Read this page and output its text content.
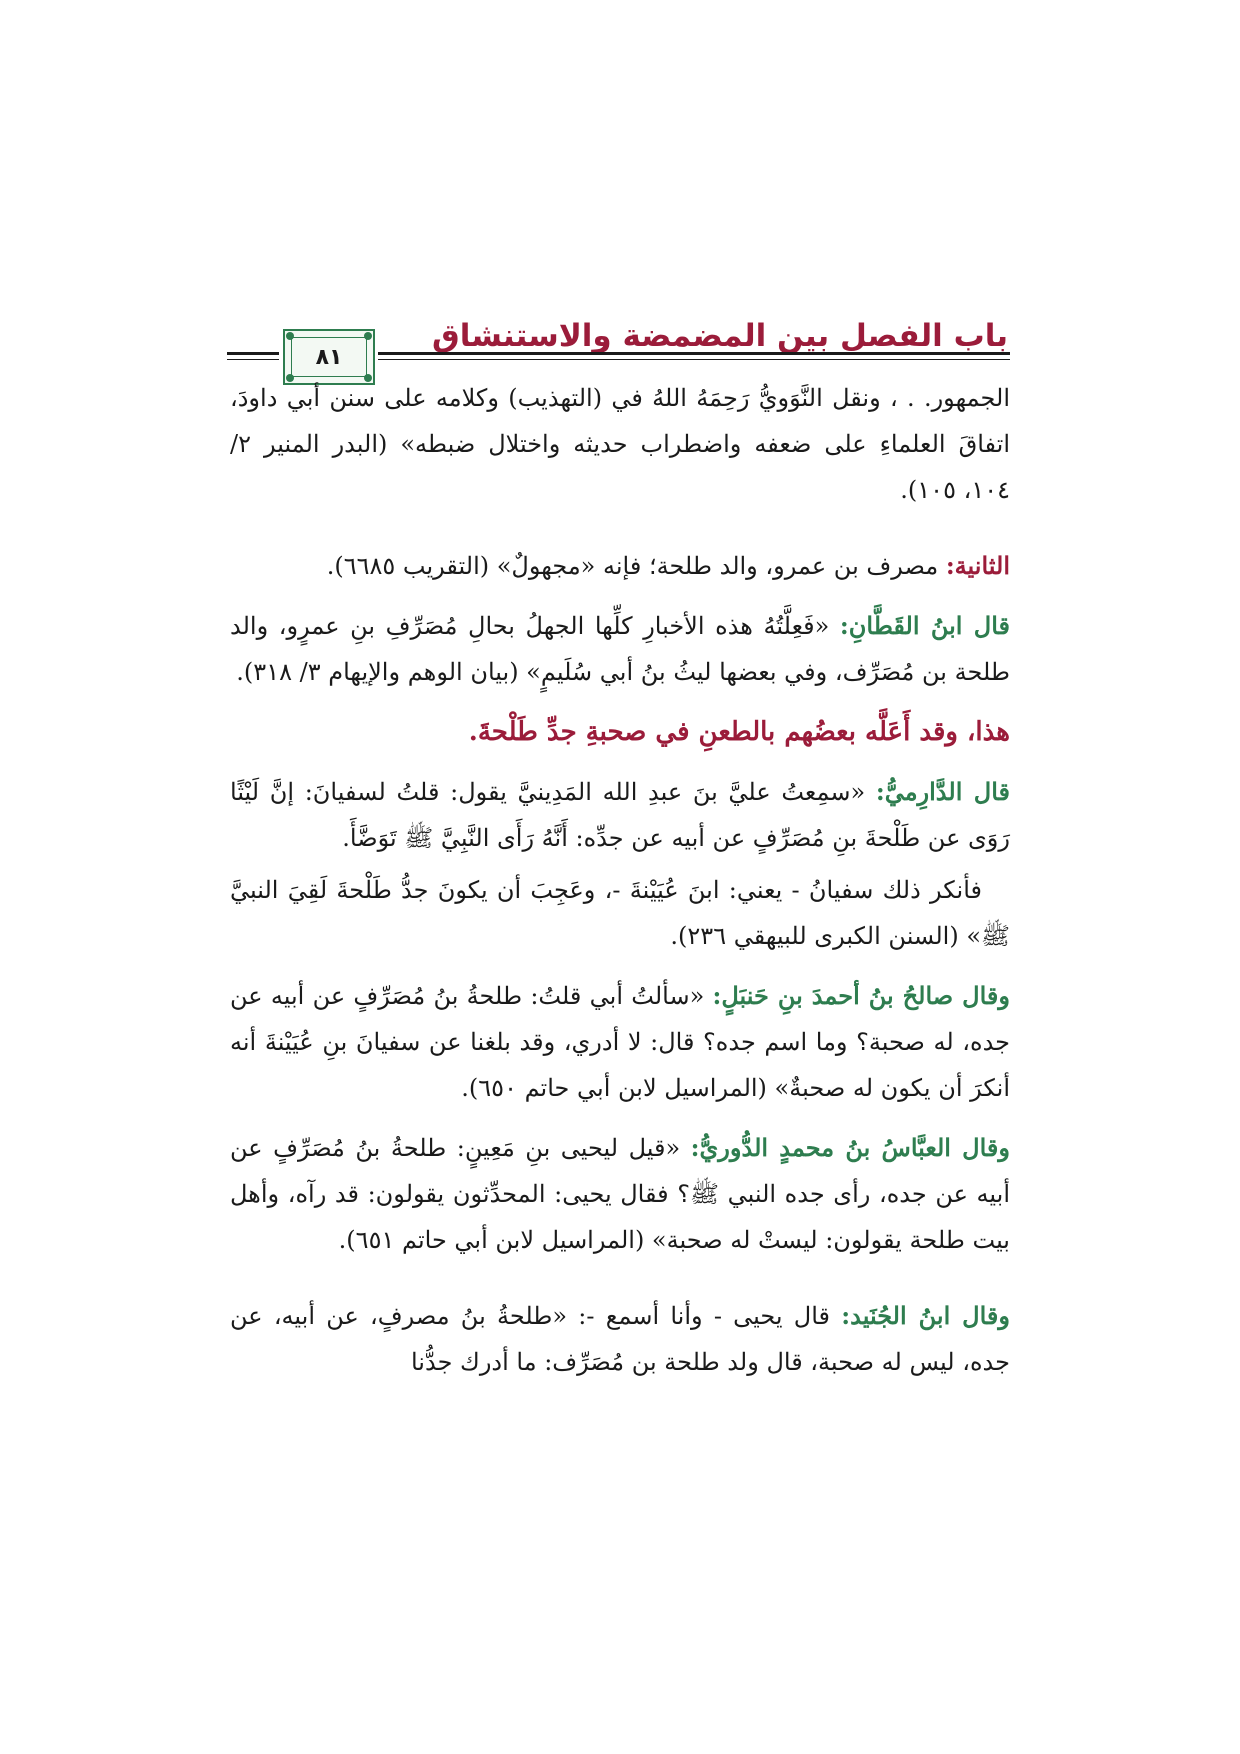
باب الفصل بين المضمضة والاستنشاق
٨١

الجمهور. . ، ونقل النَّوَويُّ رَحِمَهُ اللهُ في (التهذيب) وكلامه على سنن أبي داودَ، اتفاقَ العلماءِ على ضعفه واضطراب حديثه واختلال ضبطه» (البدر المنير ٢/ ١٠٤، ١٠٥).

الثانية: مصرف بن عمرو، والد طلحة؛ فإنه «مجهولٌ» (التقريب ٦٦٨٥).

قال ابنُ القَطَّانِ: «فَعِلَّتُهُ هذه الأخبارِ كلِّها الجهلُ بحالِ مُصَرِّفِ بنِ عمرٍو، والد طلحة بن مُصَرِّف، وفي بعضها ليثُ بنُ أبي سُلَيمٍ» (بيان الوهم والإيهام ٣/ ٣١٨).

هذا، وقد أَعَلَّه بعضُهم بالطعنِ في صحبةِ جدِّ طَلْحةَ.

قال الدَّارِميُّ: «سمِعتُ عليَّ بنَ عبدِ الله المَدِينيَّ يقول: قلتُ لسفيانَ: إنَّ لَيْثًا رَوَى عن طَلْحةَ بنِ مُصَرِّفٍ عن أبيه عن جدِّه: أَنَّهُ رَأَى النَّبِيَّ ﷺ تَوَضَّأَ.

فأنكر ذلك سفيانُ - يعني: ابنَ عُيَيْنةَ -، وعَجِبَ أن يكونَ جدُّ طَلْحةَ لَقِيَ النبيَّ ﷺ» (السنن الكبرى للبيهقي ٢٣٦).

وقال صالحُ بنُ أحمدَ بنِ حَنبَلٍ: «سألتُ أبي قلتُ: طلحةُ بنُ مُصَرِّفٍ عن أبيه عن جده، له صحبة؟ وما اسم جده؟ قال: لا أدري، وقد بلغنا عن سفيانَ بنِ عُيَيْنةَ أنه أنكرَ أن يكون له صحبةٌ» (المراسيل لابن أبي حاتم ٦٥٠).

وقال العبَّاسُ بنُ محمدٍ الدُّوريُّ: «قيل ليحيى بنِ مَعِينٍ: طلحةُ بنُ مُصَرِّفٍ عن أبيه عن جده، رأى جده النبي ﷺ؟ فقال يحيى: المحدِّثون يقولون: قد رآه، وأهل بيت طلحة يقولون: ليستْ له صحبة» (المراسيل لابن أبي حاتم ٦٥١).

وقال ابنُ الجُنَيد: قال يحيى - وأنا أسمع -: «طلحةُ بنُ مصرفٍ، عن أبيه، عن جده، ليس له صحبة، قال ولد طلحة بن مُصَرِّف: ما أدرك جدُّنا
